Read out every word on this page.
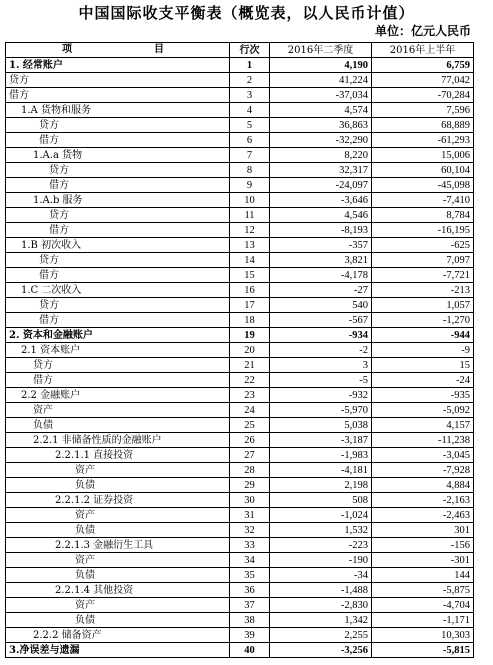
中国国际收支平衡表（概览表，以人民币计值）
单位：亿元人民币
项 目	行次	2016年二季度	2016年上半年
1. 经常账户	1	4,190	6,759
贷方	2	41,224	77,042
借方	3	-37,034	-70,284
1.A 货物和服务	4	4,574	7,596
贷方	5	36,863	68,889
借方	6	-32,290	-61,293
1.A.a 货物	7	8,220	15,006
贷方	8	32,317	60,104
借方	9	-24,097	-45,098
1.A.b 服务	10	-3,646	-7,410
贷方	11	4,546	8,784
借方	12	-8,193	-16,195
1.B 初次收入	13	-357	-625
贷方	14	3,821	7,097
借方	15	-4,178	-7,721
1.C 二次收入	16	-27	-213
贷方	17	540	1,057
借方	18	-567	-1,270
2. 资本和金融账户	19	-934	-944
2.1 资本账户	20	-2	-9
贷方	21	3	15
借方	22	-5	-24
2.2 金融账户	23	-932	-935
资产	24	-5,970	-5,092
负债	25	5,038	4,157
2.2.1 非储备性质的金融账户	26	-3,187	-11,238
2.2.1.1 直接投资	27	-1,983	-3,045
资产	28	-4,181	-7,928
负债	29	2,198	4,884
2.2.1.2 证券投资	30	508	-2,163
资产	31	-1,024	-2,463
负债	32	1,532	301
2.2.1.3 金融衍生工具	33	-223	-156
资产	34	-190	-301
负债	35	-34	144
2.2.1.4 其他投资	36	-1,488	-5,875
资产	37	-2,830	-4,704
负债	38	1,342	-1,171
2.2.2 储备资产	39	2,255	10,303
3.净误差与遗漏	40	-3,256	-5,815
